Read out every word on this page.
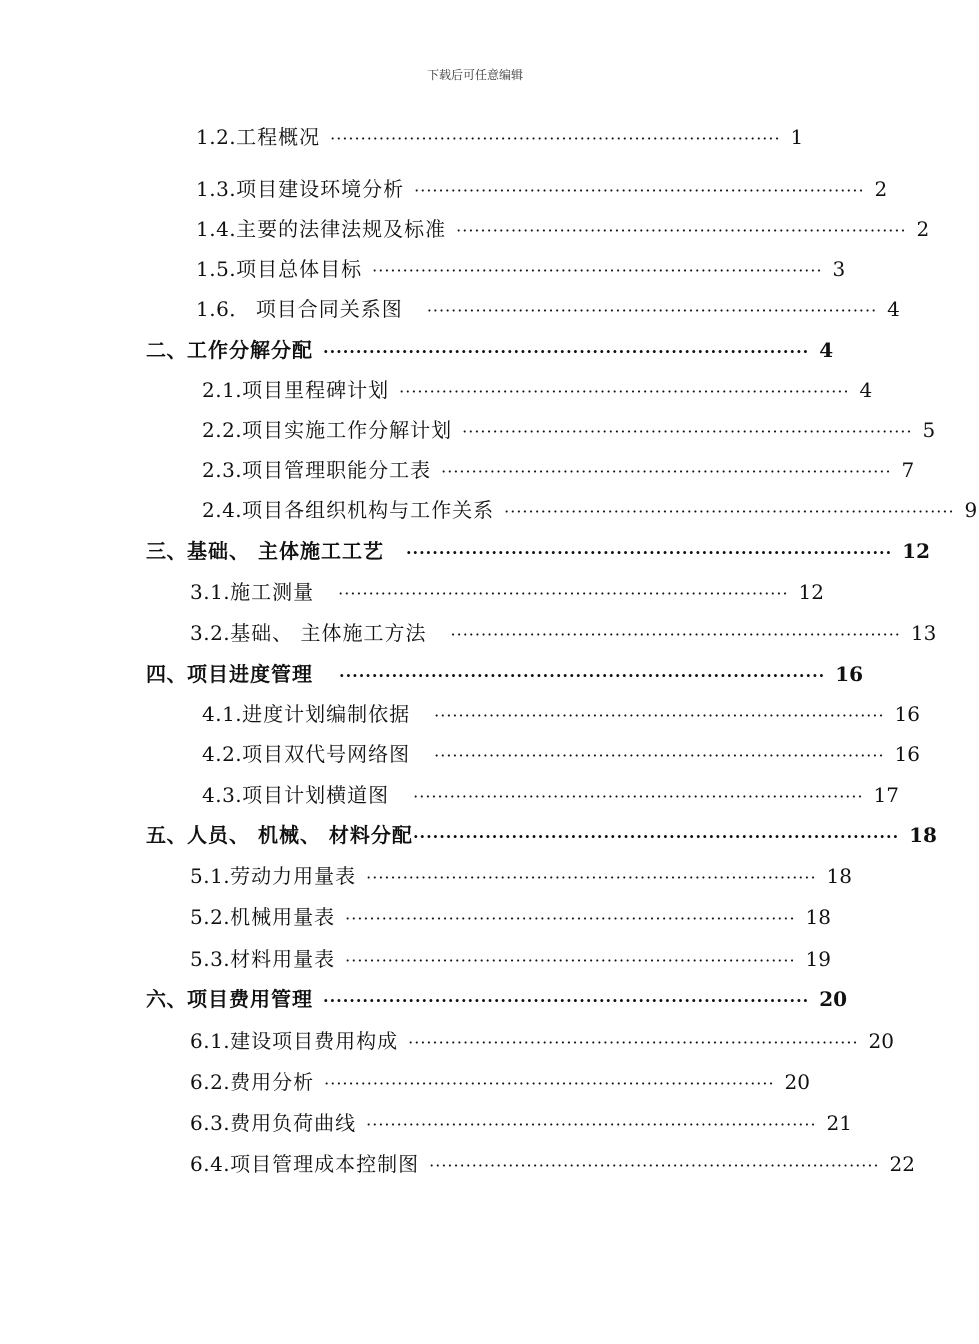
下载后可任意编辑
1.2. 工程概况 ·········································································· 1
1.3. 项目建设环境分析 ·········································································· 2
1.4. 主要的法律法规及标准 ·········································································· 2
1.5. 项目总体目标 ·········································································· 3
1.6． 项目合同关系图 ·········································································· 4
二、 工作分解分配 ·········································································· 4
2.1. 项目里程碑计划 ·········································································· 4
2.2. 项目实施工作分解计划 ·········································································· 5
2.3. 项目管理职能分工表 ·········································································· 7
2.4. 项目各组织机构与工作关系 ·········································································· 9
三、 基础、 主体施工工艺 ·········································································· 12
3.1. 施工测量 ·········································································· 12
3.2. 基础、 主体施工方法 ·········································································· 13
四、 项目进度管理 ·········································································· 16
4.1. 进度计划编制依据 ·········································································· 16
4.2. 项目双代号网络图 ·········································································· 16
4.3. 项目计划横道图 ·········································································· 17
五、 人员、 机械、 材料分配 ·········································································· 18
5.1. 劳动力用量表 ·········································································· 18
5.2. 机械用量表 ·········································································· 18
5.3. 材料用量表 ·········································································· 19
六、 项目费用管理 ·········································································· 20
6.1. 建设项目费用构成 ·········································································· 20
6.2. 费用分析 ·········································································· 20
6.3. 费用负荷曲线 ·········································································· 21
6.4. 项目管理成本控制图 ·········································································· 22
